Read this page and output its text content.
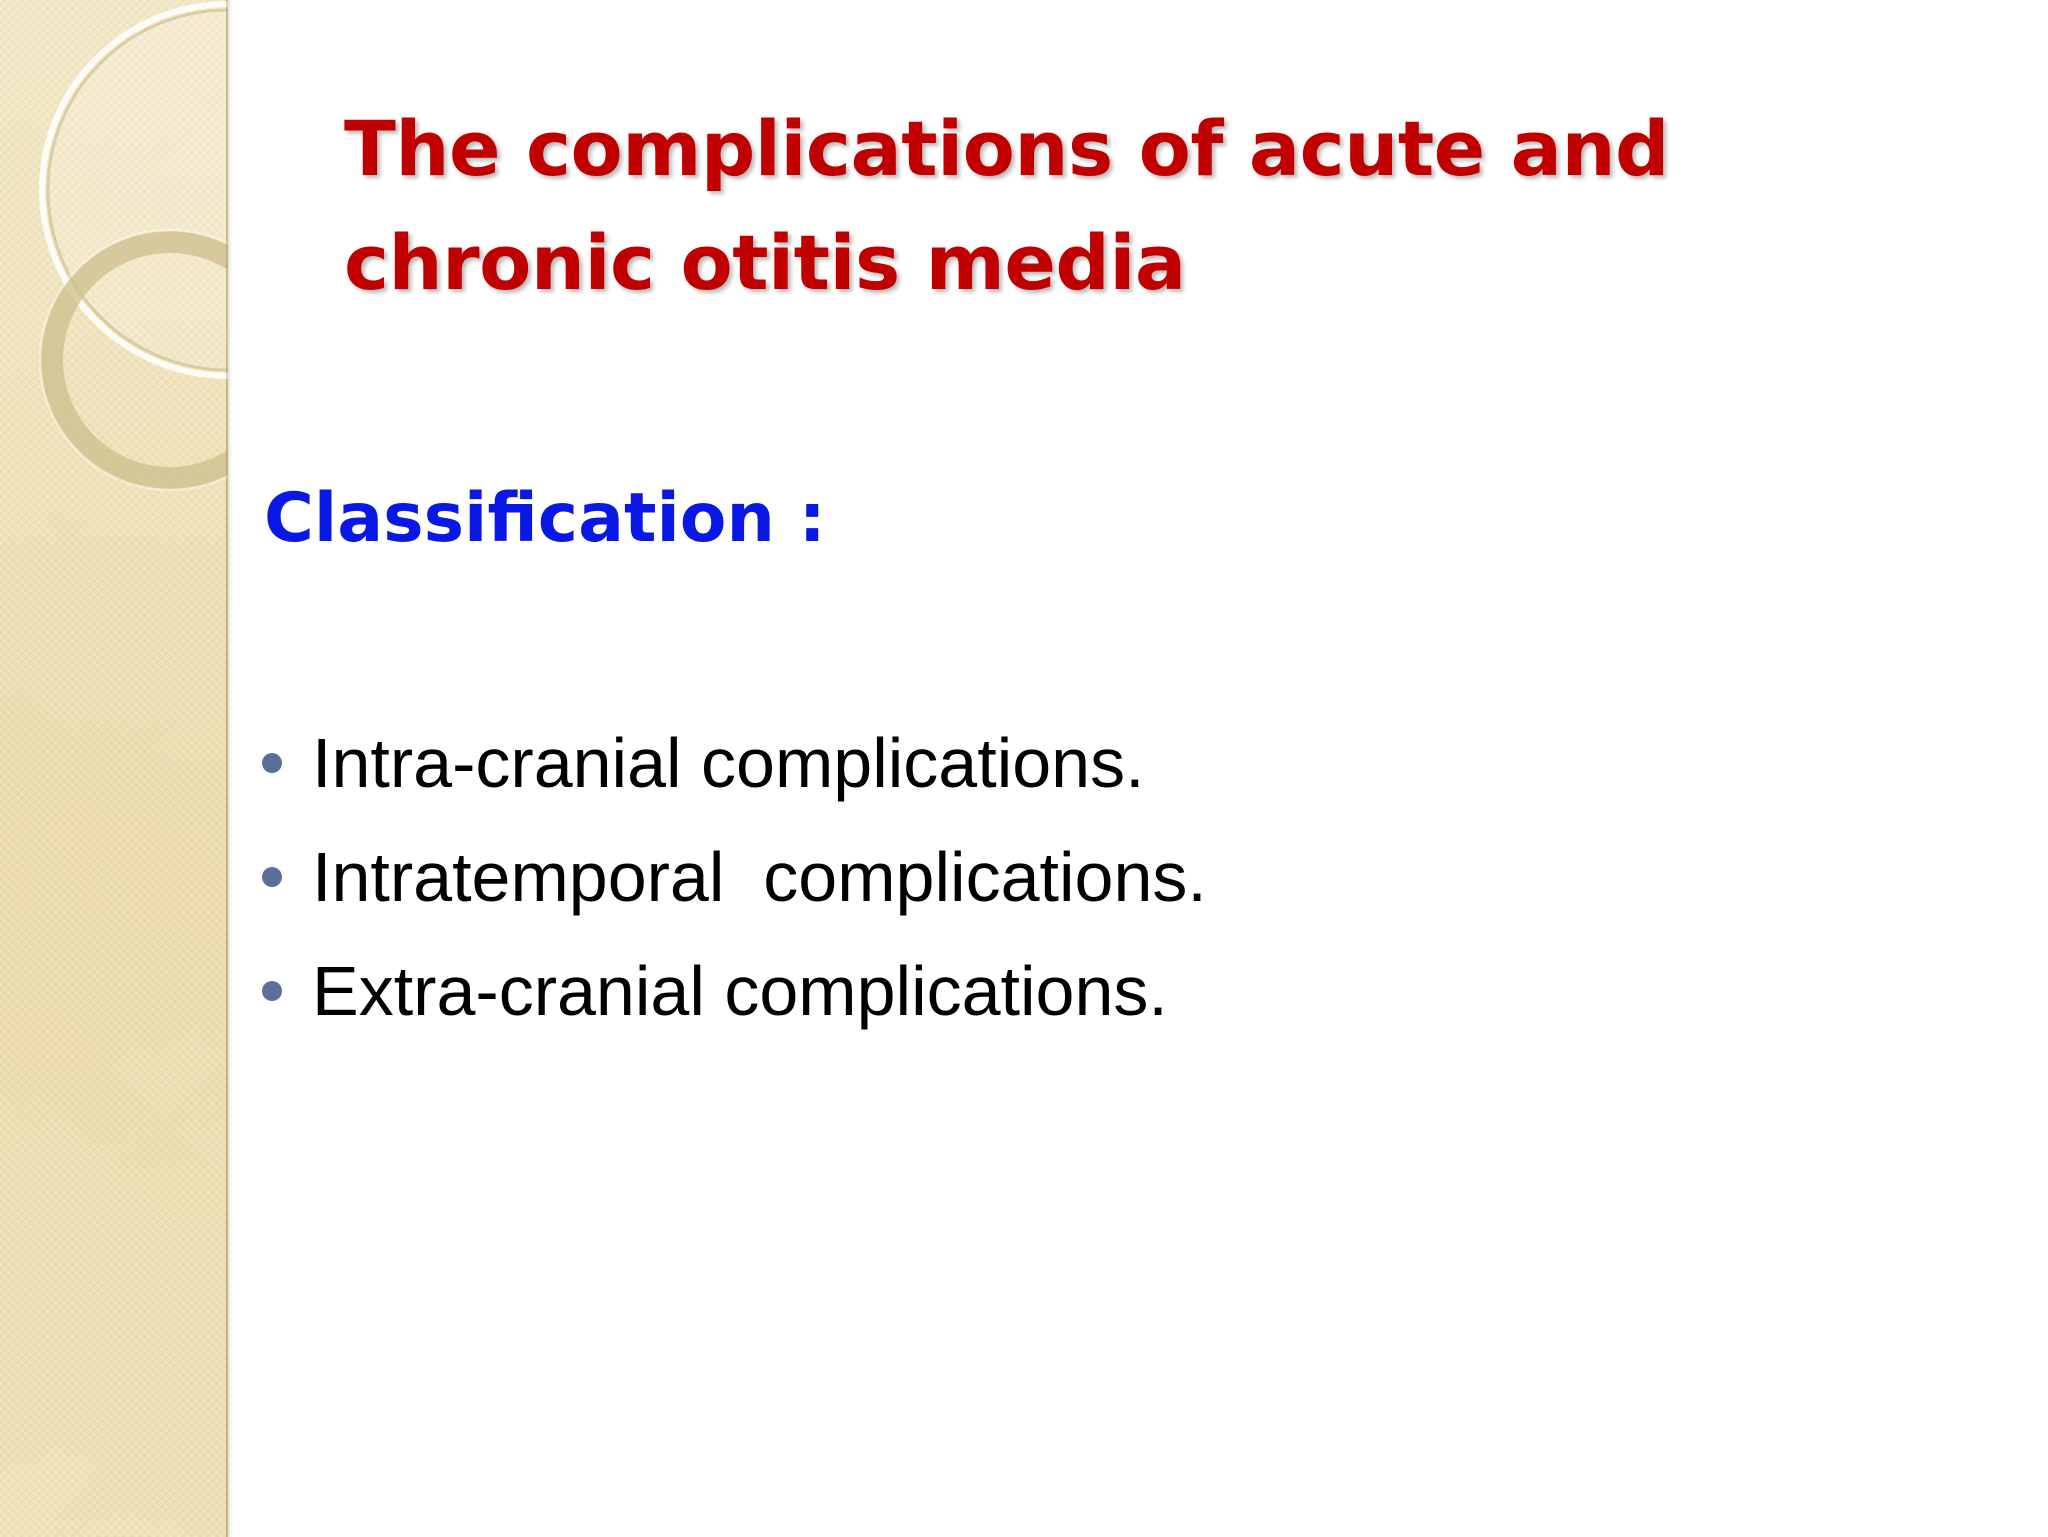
The complications of acute and chronic otitis media
Classification :
Intra-cranial complications.
Intratemporal  complications.
Extra-cranial complications.
